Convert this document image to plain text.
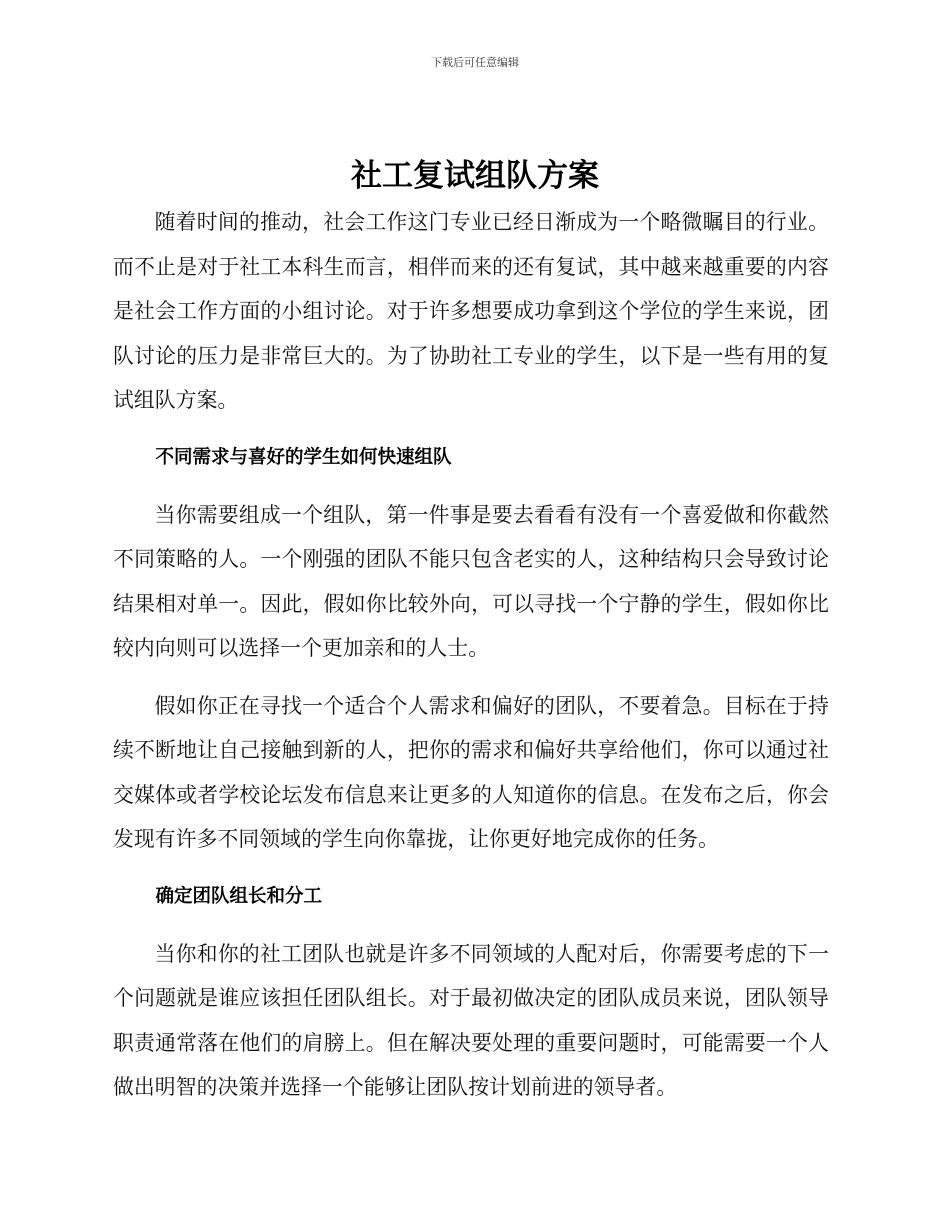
下载后可任意编辑
社工复试组队方案

随着时间的推动，社会工作这门专业已经日渐成为一个略微瞩目的行业。而不止是对于社工本科生而言，相伴而来的还有复试，其中越来越重要的内容是社会工作方面的小组讨论。对于许多想要成功拿到这个学位的学生来说，团队讨论的压力是非常巨大的。为了协助社工专业的学生，以下是一些有用的复试组队方案。

不同需求与喜好的学生如何快速组队

当你需要组成一个组队，第一件事是要去看看有没有一个喜爱做和你截然不同策略的人。一个刚强的团队不能只包含老实的人，这种结构只会导致讨论结果相对单一。因此，假如你比较外向，可以寻找一个宁静的学生，假如你比较内向则可以选择一个更加亲和的人士。

假如你正在寻找一个适合个人需求和偏好的团队，不要着急。目标在于持续不断地让自己接触到新的人，把你的需求和偏好共享给他们，你可以通过社交媒体或者学校论坛发布信息来让更多的人知道你的信息。在发布之后，你会发现有许多不同领域的学生向你靠拢，让你更好地完成你的任务。

确定团队组长和分工

当你和你的社工团队也就是许多不同领域的人配对后，你需要考虑的下一个问题就是谁应该担任团队组长。对于最初做决定的团队成员来说，团队领导职责通常落在他们的肩膀上。但在解决要处理的重要问题时，可能需要一个人做出明智的决策并选择一个能够让团队按计划前进的领导者。
